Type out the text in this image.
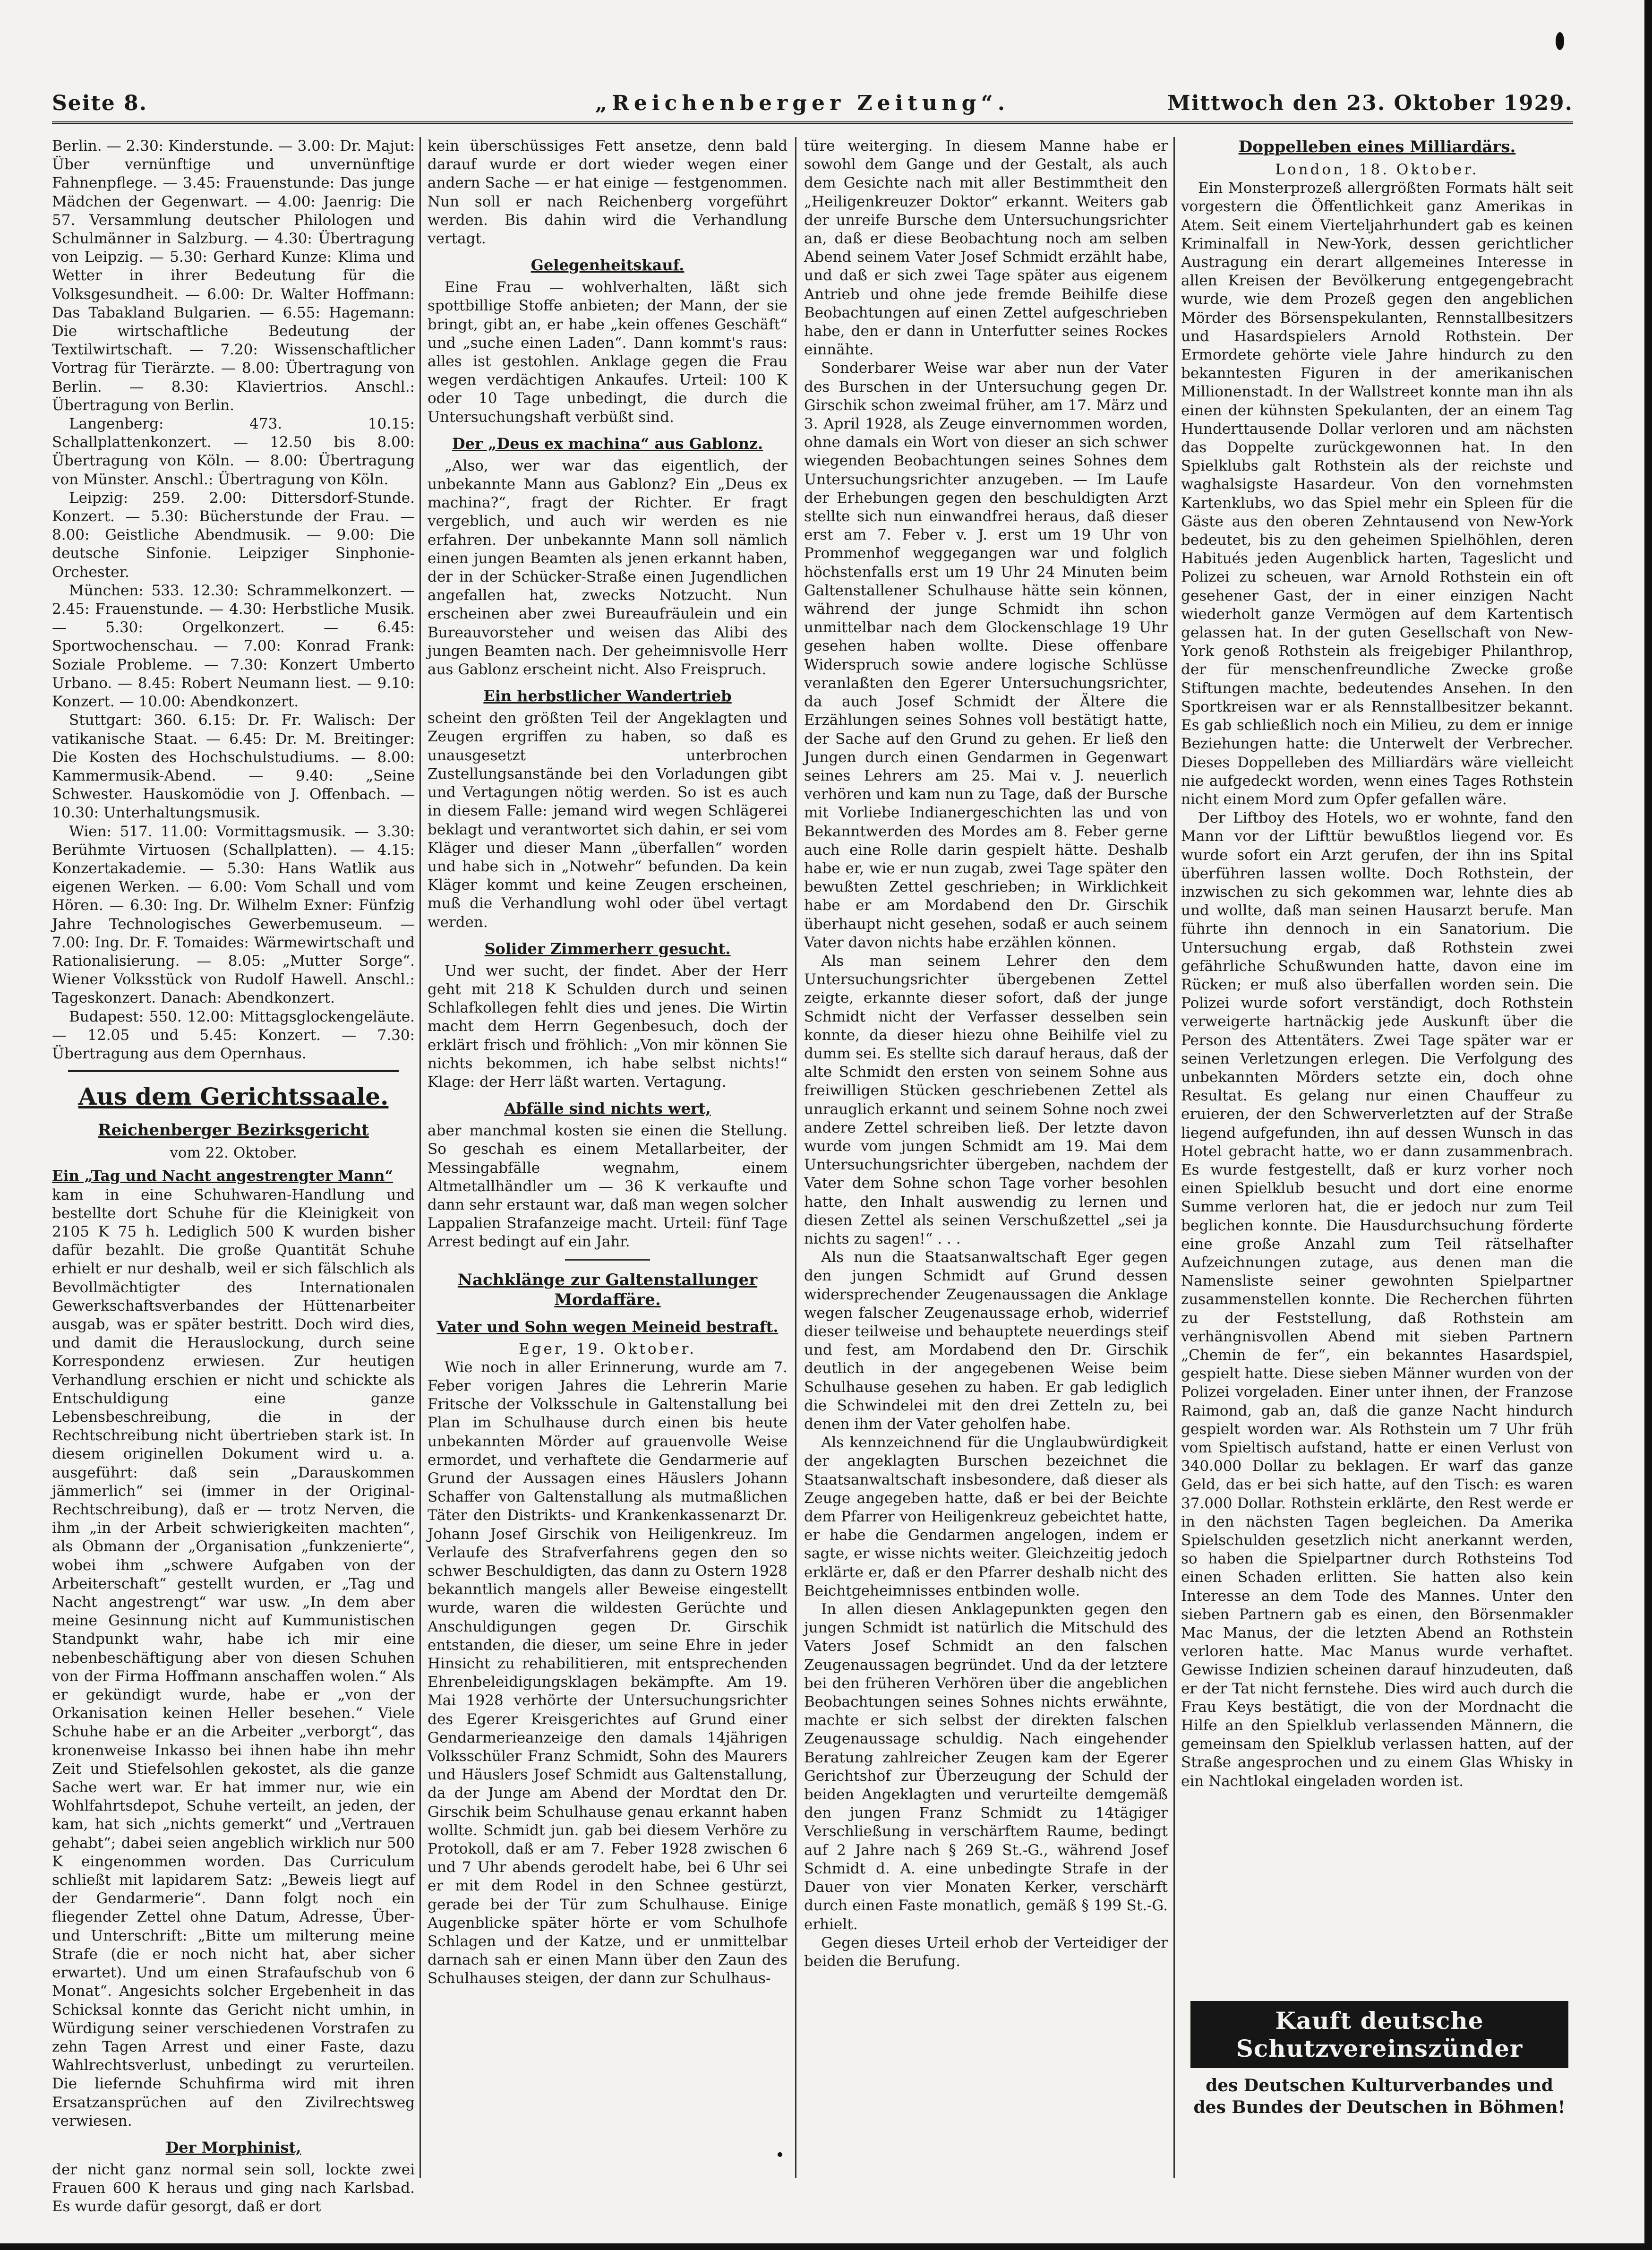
Seite 8.	„Reichenberger Zeitung“.	Mittwoch den 23. Oktober 1929.

Berlin. — 2.30: Kinderstunde. — 3.00: Dr. Majut: Über vernünftige und unvernünftige Fahnenpflege. — 3.45: Frauenstunde: Das junge Mädchen der Gegenwart. — 4.00: Jaenrig: Die 57. Versammlung deutscher Philologen und Schulmänner in Salzburg. — 4.30: Übertragung von Leipzig. — 5.30: Gerhard Kunze: Klima und Wetter in ihrer Bedeutung für die Volksgesundheit. — 6.00: Dr. Walter Hoffmann: Das Tabakland Bulgarien. — 6.55: Hagemann: Die wirtschaftliche Bedeutung der Textilwirtschaft. — 7.20: Wissenschaftlicher Vortrag für Tierärzte. — 8.00: Übertragung von Berlin. — 8.30: Klaviertrios. Anschl.: Übertragung von Berlin.

Langenberg: 473. 10.15: Schallplattenkonzert. — 12.50 bis 8.00: Übertragung von Köln. — 8.00: Übertragung von Münster. Anschl.: Übertragung von Köln.

Leipzig: 259. 2.00: Dittersdorf-Stunde. Konzert. — 5.30: Bücherstunde der Frau. — 8.00: Geistliche Abendmusik. — 9.00: Die deutsche Sinfonie. Leipziger Sinphonie-Orchester.

München: 533. 12.30: Schrammelkonzert. — 2.45: Frauenstunde. — 4.30: Herbstliche Musik. — 5.30: Orgelkonzert. — 6.45: Sportwochenschau. — 7.00: Konrad Frank: Soziale Probleme. — 7.30: Konzert Umberto Urbano. — 8.45: Robert Neumann liest. — 9.10: Konzert. — 10.00: Abendkonzert.

Stuttgart: 360. 6.15: Dr. Fr. Walisch: Der vatikanische Staat. — 6.45: Dr. M. Breitinger: Die Kosten des Hochschulstudiums. — 8.00: Kammermusik-Abend. — 9.40: „Seine Schwester. Hauskomödie von J. Offenbach. — 10.30: Unterhaltungsmusik.

Wien: 517. 11.00: Vormittagsmusik. — 3.30: Berühmte Virtuosen (Schallplatten). — 4.15: Konzertakademie. — 5.30: Hans Watlik aus eigenen Werken. — 6.00: Vom Schall und vom Hören. — 6.30: Ing. Dr. Wilhelm Exner: Fünfzig Jahre Technologisches Gewerbemuseum. — 7.00: Ing. Dr. F. Tomaides: Wärmewirtschaft und Rationalisierung. — 8.05: „Mutter Sorge“. Wiener Volksstück von Rudolf Hawell. Anschl.: Tageskonzert. Danach: Abendkonzert.

Budapest: 550. 12.00: Mittagsglockengeläute. — 12.05 und 5.45: Konzert. — 7.30: Übertragung aus dem Opernhaus.

Aus dem Gerichtssaale.
Reichenberger Bezirksgericht

vom 22. Oktober.

Ein „Tag und Nacht angestrengter Mann“

kam in eine Schuhwaren-Handlung und bestellte dort Schuhe für die Kleinigkeit von 2105 K 75 h. Lediglich 500 K wurden bisher dafür bezahlt. Die große Quantität Schuhe erhielt er nur deshalb, weil er sich fälschlich als Bevollmächtigter des Internationalen Gewerkschaftsverbandes der Hüttenarbeiter ausgab, was er später bestritt. Doch wird dies, und damit die Herauslockung, durch seine Korrespondenz erwiesen. Zur heutigen Verhandlung erschien er nicht und schickte als Entschuldigung eine ganze Lebensbeschreibung, die in der Rechtschreibung nicht übertrieben stark ist. In diesem originellen Dokument wird u. a. ausgeführt: daß sein „Darauskommen jämmerlich“ sei (immer in der Original-Rechtschreibung), daß er — trotz Nerven, die ihm „in der Arbeit schwierigkeiten machten“, als Obmann der „Organisation „funkzenierte“, wobei ihm „schwere Aufgaben von der Arbeiterschaft“ gestellt wurden, er „Tag und Nacht angestrengt“ war usw. „In dem aber meine Gesinnung nicht auf Kummunistischen Standpunkt wahr, habe ich mir eine nebenbeschäftigung aber von diesen Schuhen von der Firma Hoffmann anschaffen wolen.“ Als er gekündigt wurde, habe er „von der Orkanisation keinen Heller besehen.“ Viele Schuhe habe er an die Arbeiter „verborgt“, das kronenweise Inkasso bei ihnen habe ihn mehr Zeit und Stiefelsohlen gekostet, als die ganze Sache wert war. Er hat immer nur, wie ein Wohlfahrtsdepot, Schuhe verteilt, an jeden, der kam, hat sich „nichts gemerkt“ und „Vertrauen gehabt“; dabei seien angeblich wirklich nur 500 K eingenommen worden. Das Curriculum schließt mit lapidarem Satz: „Beweis liegt auf der Gendarmerie“. Dann folgt noch ein fliegender Zettel ohne Datum, Adresse, Über- und Unterschrift: „Bitte um milterung meine Strafe (die er noch nicht hat, aber sicher erwartet). Und um einen Strafaufschub von 6 Monat“. Angesichts solcher Ergebenheit in das Schicksal konnte das Gericht nicht umhin, in Würdigung seiner verschiedenen Vorstrafen zu zehn Tagen Arrest und einer Faste, dazu Wahlrechtsverlust, unbedingt zu verurteilen. Die liefernde Schuhfirma wird mit ihren Ersatzansprüchen auf den Zivilrechtsweg verwiesen.

Der Morphinist,

der nicht ganz normal sein soll, lockte zwei Frauen 600 K heraus und ging nach Karlsbad. Es wurde dafür gesorgt, daß er dort

kein überschüssiges Fett ansetze, denn bald darauf wurde er dort wieder wegen einer andern Sache — er hat einige — festgenommen. Nun soll er nach Reichenberg vorgeführt werden. Bis dahin wird die Verhandlung vertagt.

Gelegenheitskauf.

Eine Frau — wohlverhalten, läßt sich spottbillige Stoffe anbieten; der Mann, der sie bringt, gibt an, er habe „kein offenes Geschäft“ und „suche einen Laden“. Dann kommt's raus: alles ist gestohlen. Anklage gegen die Frau wegen verdächtigen Ankaufes. Urteil: 100 K oder 10 Tage unbedingt, die durch die Untersuchungshaft verbüßt sind.

Der „Deus ex machina“ aus Gablonz.

„Also, wer war das eigentlich, der unbekannte Mann aus Gablonz? Ein „Deus ex machina?“, fragt der Richter. Er fragt vergeblich, und auch wir werden es nie erfahren. Der unbekannte Mann soll nämlich einen jungen Beamten als jenen erkannt haben, der in der Schücker-Straße einen Jugendlichen angefallen hat, zwecks Notzucht. Nun erscheinen aber zwei Bureaufräulein und ein Bureauvorsteher und weisen das Alibi des jungen Beamten nach. Der geheimnisvolle Herr aus Gablonz erscheint nicht. Also Freispruch.

Ein herbstlicher Wandertrieb

scheint den größten Teil der Angeklagten und Zeugen ergriffen zu haben, so daß es unausgesetzt unterbrochen Zustellungsanstände bei den Vorladungen gibt und Vertagungen nötig werden. So ist es auch in diesem Falle: jemand wird wegen Schlägerei beklagt und verantwortet sich dahin, er sei vom Kläger und dieser Mann „überfallen“ worden und habe sich in „Notwehr“ befunden. Da kein Kläger kommt und keine Zeugen erscheinen, muß die Verhandlung wohl oder übel vertagt werden.

Solider Zimmerherr gesucht.

Und wer sucht, der findet. Aber der Herr geht mit 218 K Schulden durch und seinen Schlafkollegen fehlt dies und jenes. Die Wirtin macht dem Herrn Gegenbesuch, doch der erklärt frisch und fröhlich: „Von mir können Sie nichts bekommen, ich habe selbst nichts!“ Klage: der Herr läßt warten. Vertagung.

Abfälle sind nichts wert,

aber manchmal kosten sie einen die Stellung. So geschah es einem Metallarbeiter, der Messingabfälle wegnahm, einem Altmetallhändler um — 36 K verkaufte und dann sehr erstaunt war, daß man wegen solcher Lappalien Strafanzeige macht. Urteil: fünf Tage Arrest bedingt auf ein Jahr.

Nachklänge zur Galtenstallunger Mordaffäre.
Vater und Sohn wegen Meineid bestraft.

Eger, 19. Oktober.

Wie noch in aller Erinnerung, wurde am 7. Feber vorigen Jahres die Lehrerin Marie Fritsche der Volksschule in Galtenstallung bei Plan im Schulhause durch einen bis heute unbekannten Mörder auf grauenvolle Weise ermordet, und verhaftete die Gendarmerie auf Grund der Aussagen eines Häuslers Johann Schaffer von Galtenstallung als mutmaßlichen Täter den Distrikts- und Krankenkassenarzt Dr. Johann Josef Girschik von Heiligenkreuz. Im Verlaufe des Strafverfahrens gegen den so schwer Beschuldigten, das dann zu Ostern 1928 bekanntlich mangels aller Beweise eingestellt wurde, waren die wildesten Gerüchte und Anschuldigungen gegen Dr. Girschik entstanden, die dieser, um seine Ehre in jeder Hinsicht zu rehabilitieren, mit entsprechenden Ehrenbeleidigungsklagen bekämpfte. Am 19. Mai 1928 verhörte der Untersuchungsrichter des Egerer Kreisgerichtes auf Grund einer Gendarmerieanzeige den damals 14jährigen Volksschüler Franz Schmidt, Sohn des Maurers und Häuslers Josef Schmidt aus Galtenstallung, da der Junge am Abend der Mordtat den Dr. Girschik beim Schulhause genau erkannt haben wollte. Schmidt jun. gab bei diesem Verhöre zu Protokoll, daß er am 7. Feber 1928 zwischen 6 und 7 Uhr abends gerodelt habe, bei 6 Uhr sei er mit dem Rodel in den Schnee gestürzt, gerade bei der Tür zum Schulhause. Einige Augenblicke später hörte er vom Schulhofe Schlagen und der Katze, und er unmittelbar darnach sah er einen Mann über den Zaun des Schulhauses steigen, der dann zur Schulhaus-

türe weiterging. In diesem Manne habe er sowohl dem Gange und der Gestalt, als auch dem Gesichte nach mit aller Bestimmtheit den „Heiligenkreuzer Doktor“ erkannt. Weiters gab der unreife Bursche dem Untersuchungsrichter an, daß er diese Beobachtung noch am selben Abend seinem Vater Josef Schmidt erzählt habe, und daß er sich zwei Tage später aus eigenem Antrieb und ohne jede fremde Beihilfe diese Beobachtungen auf einen Zettel aufgeschrieben habe, den er dann in Unterfutter seines Rockes einnähte.

Sonderbarer Weise war aber nun der Vater des Burschen in der Untersuchung gegen Dr. Girschik schon zweimal früher, am 17. März und 3. April 1928, als Zeuge einvernommen worden, ohne damals ein Wort von dieser an sich schwer wiegenden Beobachtungen seines Sohnes dem Untersuchungsrichter anzugeben. — Im Laufe der Erhebungen gegen den beschuldigten Arzt stellte sich nun einwandfrei heraus, daß dieser erst am 7. Feber v. J. erst um 19 Uhr von Prommenhof weggegangen war und folglich höchstenfalls erst um 19 Uhr 24 Minuten beim Galtenstallener Schulhause hätte sein können, während der junge Schmidt ihn schon unmittelbar nach dem Glockenschlage 19 Uhr gesehen haben wollte. Diese offenbare Widerspruch sowie andere logische Schlüsse veranlaßten den Egerer Untersuchungsrichter, da auch Josef Schmidt der Ältere die Erzählungen seines Sohnes voll bestätigt hatte, der Sache auf den Grund zu gehen. Er ließ den Jungen durch einen Gendarmen in Gegenwart seines Lehrers am 25. Mai v. J. neuerlich verhören und kam nun zu Tage, daß der Bursche mit Vorliebe Indianergeschichten las und von Bekanntwerden des Mordes am 8. Feber gerne auch eine Rolle darin gespielt hätte. Deshalb habe er, wie er nun zugab, zwei Tage später den bewußten Zettel geschrieben; in Wirklichkeit habe er am Mordabend den Dr. Girschik überhaupt nicht gesehen, sodaß er auch seinem Vater davon nichts habe erzählen können.

Als man seinem Lehrer den dem Untersuchungsrichter übergebenen Zettel zeigte, erkannte dieser sofort, daß der junge Schmidt nicht der Verfasser desselben sein konnte, da dieser hiezu ohne Beihilfe viel zu dumm sei. Es stellte sich darauf heraus, daß der alte Schmidt den ersten von seinem Sohne aus freiwilligen Stücken geschriebenen Zettel als unrauglich erkannt und seinem Sohne noch zwei andere Zettel schreiben ließ. Der letzte davon wurde vom jungen Schmidt am 19. Mai dem Untersuchungsrichter übergeben, nachdem der Vater dem Sohne schon Tage vorher besohlen hatte, den Inhalt auswendig zu lernen und diesen Zettel als seinen Verschußzettel „sei ja nichts zu sagen!“ . . .

Als nun die Staatsanwaltschaft Eger gegen den jungen Schmidt auf Grund dessen widersprechender Zeugenaussagen die Anklage wegen falscher Zeugenaussage erhob, widerrief dieser teilweise und behauptete neuerdings steif und fest, am Mordabend den Dr. Girschik deutlich in der angegebenen Weise beim Schulhause gesehen zu haben. Er gab lediglich die Schwindelei mit den drei Zetteln zu, bei denen ihm der Vater geholfen habe.

Als kennzeichnend für die Unglaubwürdigkeit der angeklagten Burschen bezeichnet die Staatsanwaltschaft insbesondere, daß dieser als Zeuge angegeben hatte, daß er bei der Beichte dem Pfarrer von Heiligenkreuz gebeichtet hatte, er habe die Gendarmen angelogen, indem er sagte, er wisse nichts weiter. Gleichzeitig jedoch erklärte er, daß er den Pfarrer deshalb nicht des Beichtgeheimnisses entbinden wolle.

In allen diesen Anklagepunkten gegen den jungen Schmidt ist natürlich die Mitschuld des Vaters Josef Schmidt an den falschen Zeugenaussagen begründet. Und da der letztere bei den früheren Verhören über die angeblichen Beobachtungen seines Sohnes nichts erwähnte, machte er sich selbst der direkten falschen Zeugenaussage schuldig. Nach eingehender Beratung zahlreicher Zeugen kam der Egerer Gerichtshof zur Überzeugung der Schuld der beiden Angeklagten und verurteilte demgemäß den jungen Franz Schmidt zu 14tägiger Verschließung in verschärftem Raume, bedingt auf 2 Jahre nach § 269 St.-G., während Josef Schmidt d. A. eine unbedingte Strafe in der Dauer von vier Monaten Kerker, verschärft durch einen Faste monatlich, gemäß § 199 St.-G. erhielt.

Gegen dieses Urteil erhob der Verteidiger der beiden die Berufung.

Doppelleben eines Milliardärs.

London, 18. Oktober.

Ein Monsterprozeß allergrößten Formats hält seit vorgestern die Öffentlichkeit ganz Amerikas in Atem. Seit einem Vierteljahrhundert gab es keinen Kriminalfall in New-York, dessen gerichtlicher Austragung ein derart allgemeines Interesse in allen Kreisen der Bevölkerung entgegengebracht wurde, wie dem Prozeß gegen den angeblichen Mörder des Börsenspekulanten, Rennstallbesitzers und Hasardspielers Arnold Rothstein. Der Ermordete gehörte viele Jahre hindurch zu den bekanntesten Figuren in der amerikanischen Millionenstadt. In der Wallstreet konnte man ihn als einen der kühnsten Spekulanten, der an einem Tag Hunderttausende Dollar verloren und am nächsten das Doppelte zurückgewonnen hat. In den Spielklubs galt Rothstein als der reichste und waghalsigste Hasardeur. Von den vornehmsten Kartenklubs, wo das Spiel mehr ein Spleen für die Gäste aus den oberen Zehntausend von New-York bedeutet, bis zu den geheimen Spielhöhlen, deren Habitués jeden Augenblick harten, Tageslicht und Polizei zu scheuen, war Arnold Rothstein ein oft gesehener Gast, der in einer einzigen Nacht wiederholt ganze Vermögen auf dem Kartentisch gelassen hat. In der guten Gesellschaft von New-York genoß Rothstein als freigebiger Philanthrop, der für menschenfreundliche Zwecke große Stiftungen machte, bedeutendes Ansehen. In den Sportkreisen war er als Rennstallbesitzer bekannt. Es gab schließlich noch ein Milieu, zu dem er innige Beziehungen hatte: die Unterwelt der Verbrecher. Dieses Doppelleben des Milliardärs wäre vielleicht nie aufgedeckt worden, wenn eines Tages Rothstein nicht einem Mord zum Opfer gefallen wäre.

Der Liftboy des Hotels, wo er wohnte, fand den Mann vor der Lifttür bewußtlos liegend vor. Es wurde sofort ein Arzt gerufen, der ihn ins Spital überführen lassen wollte. Doch Rothstein, der inzwischen zu sich gekommen war, lehnte dies ab und wollte, daß man seinen Hausarzt berufe. Man führte ihn dennoch in ein Sanatorium. Die Untersuchung ergab, daß Rothstein zwei gefährliche Schußwunden hatte, davon eine im Rücken; er muß also überfallen worden sein. Die Polizei wurde sofort verständigt, doch Rothstein verweigerte hartnäckig jede Auskunft über die Person des Attentäters. Zwei Tage später war er seinen Verletzungen erlegen. Die Verfolgung des unbekannten Mörders setzte ein, doch ohne Resultat. Es gelang nur einen Chauffeur zu eruieren, der den Schwerverletzten auf der Straße liegend aufgefunden, ihn auf dessen Wunsch in das Hotel gebracht hatte, wo er dann zusammenbrach. Es wurde festgestellt, daß er kurz vorher noch einen Spielklub besucht und dort eine enorme Summe verloren hat, die er jedoch nur zum Teil beglichen konnte. Die Hausdurchsuchung förderte eine große Anzahl zum Teil rätselhafter Aufzeichnungen zutage, aus denen man die Namensliste seiner gewohnten Spielpartner zusammenstellen konnte. Die Recherchen führten zu der Feststellung, daß Rothstein am verhängnisvollen Abend mit sieben Partnern „Chemin de fer“, ein bekanntes Hasardspiel, gespielt hatte. Diese sieben Männer wurden von der Polizei vorgeladen. Einer unter ihnen, der Franzose Raimond, gab an, daß die ganze Nacht hindurch gespielt worden war. Als Rothstein um 7 Uhr früh vom Spieltisch aufstand, hatte er einen Verlust von 340.000 Dollar zu beklagen. Er warf das ganze Geld, das er bei sich hatte, auf den Tisch: es waren 37.000 Dollar. Rothstein erklärte, den Rest werde er in den nächsten Tagen begleichen. Da Amerika Spielschulden gesetzlich nicht anerkannt werden, so haben die Spielpartner durch Rothsteins Tod einen Schaden erlitten. Sie hatten also kein Interesse an dem Tode des Mannes. Unter den sieben Partnern gab es einen, den Börsenmakler Mac Manus, der die letzten Abend an Rothstein verloren hatte. Mac Manus wurde verhaftet. Gewisse Indizien scheinen darauf hinzudeuten, daß er der Tat nicht fernstehe. Dies wird auch durch die Frau Keys bestätigt, die von der Mordnacht die Hilfe an den Spielklub verlassenden Männern, die gemeinsam den Spielklub verlassen hatten, auf der Straße angesprochen und zu einem Glas Whisky in ein Nachtlokal eingeladen worden ist.

Kauft deutsche Schutzvereinszünder
des Deutschen Kulturverbandes und des Bundes der Deutschen in Böhmen!
